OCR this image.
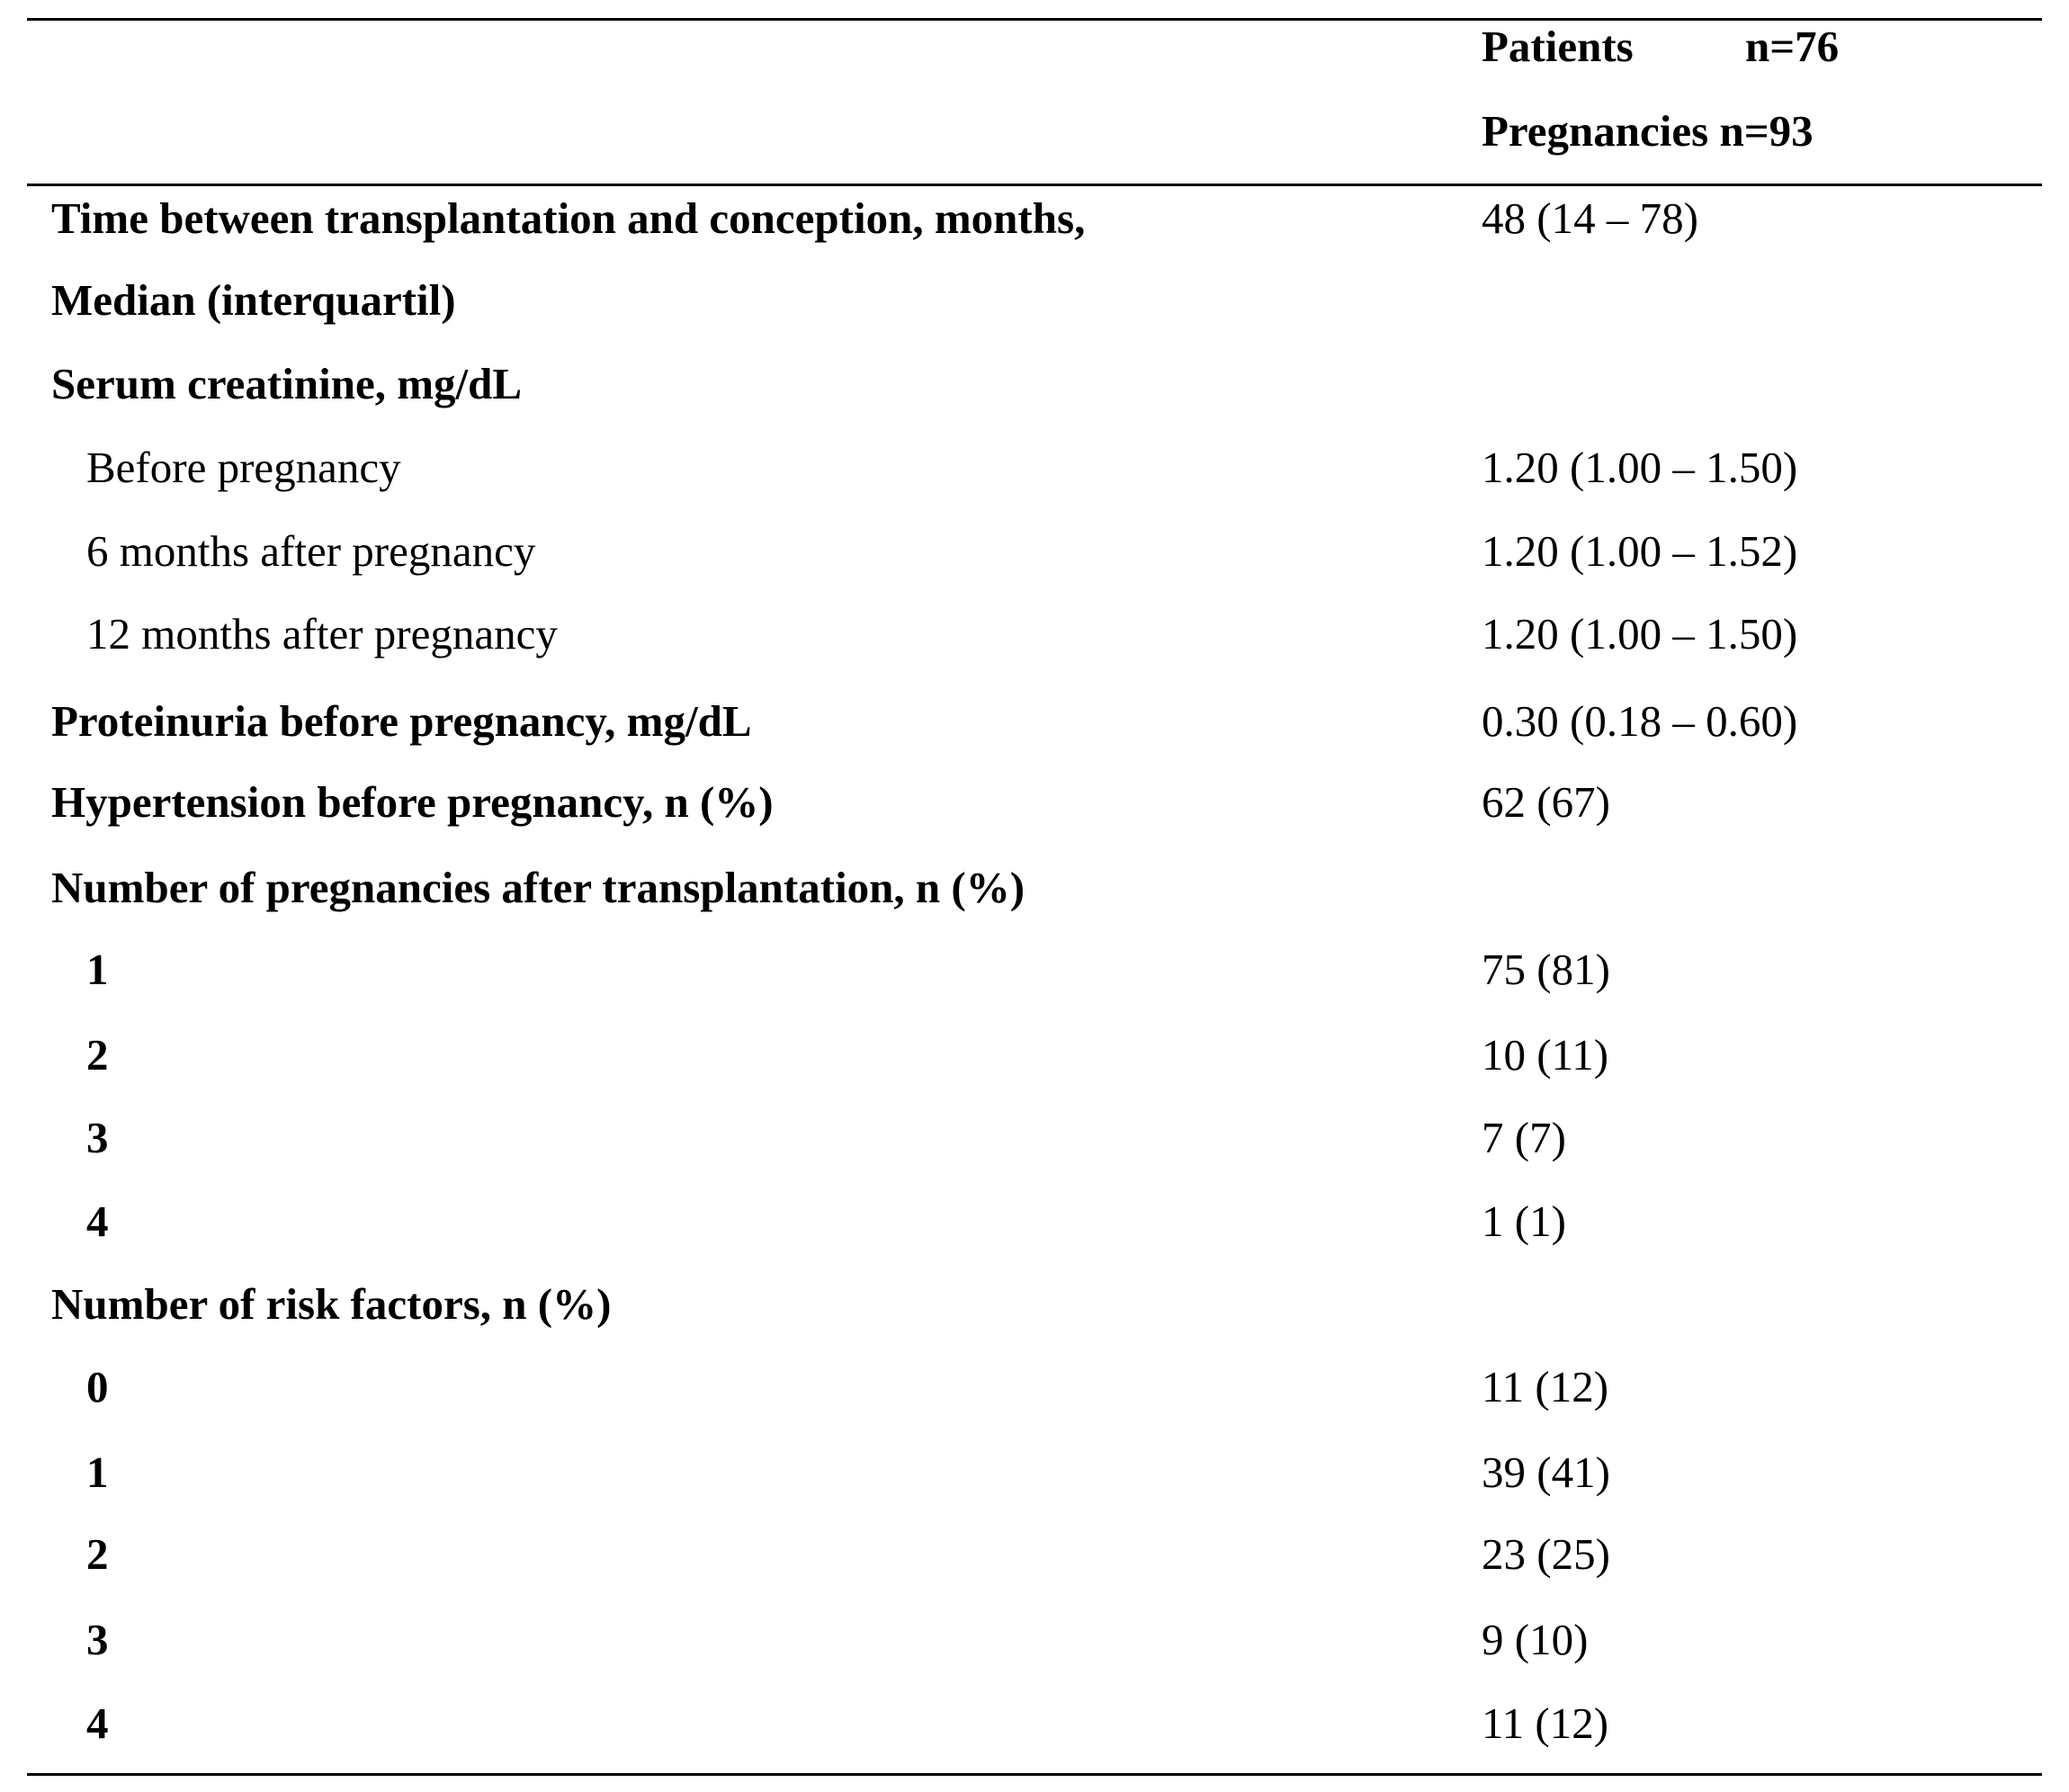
Patients	n=76
Pregnancies n=93
Time between transplantation and conception, months,	48 (14 – 78)
Median (interquartil)
Serum creatinine, mg/dL
Before pregnancy	1.20 (1.00 – 1.50)
6 months after pregnancy	1.20 (1.00 – 1.52)
12 months after pregnancy	1.20 (1.00 – 1.50)
Proteinuria before pregnancy, mg/dL	0.30 (0.18 – 0.60)
Hypertension before pregnancy, n (%)	62 (67)
Number of pregnancies after transplantation, n (%)
1	75 (81)
2	10 (11)
3	7 (7)
4	1 (1)
Number of risk factors, n (%)
0	11 (12)
1	39 (41)
2	23 (25)
3	9 (10)
4	11 (12)
